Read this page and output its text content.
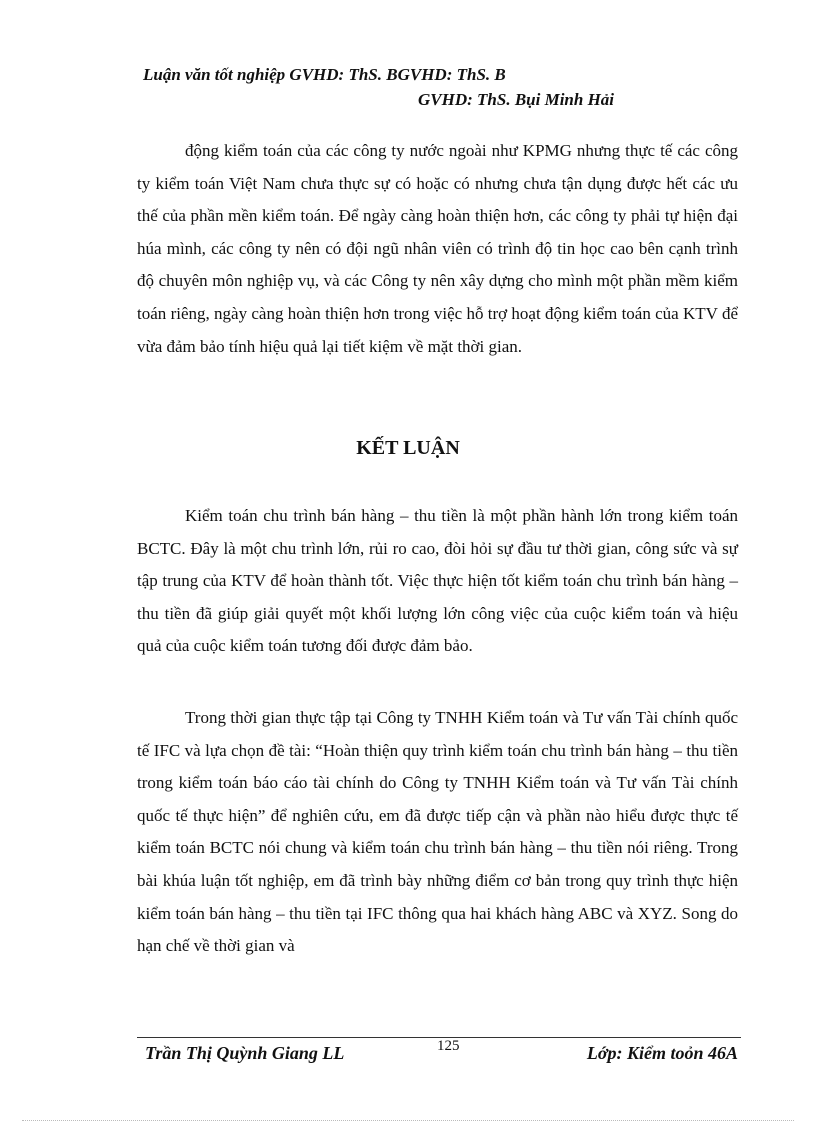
Luận văn tốt nghiệp GVHD: ThS. BGVHD: ThS. B
GVHD: ThS. Bụi Minh Hải

động kiểm toán của các công ty nước ngoài như KPMG nhưng thực tế các công ty kiểm toán Việt Nam chưa thực sự có hoặc có nhưng chưa tận dụng được hết các ưu thế của phần mền kiểm toán. Để ngày càng hoàn thiện hơn, các công ty phải tự hiện đại húa mình, các công ty nên có đội ngũ nhân viên có trình độ tin học cao bên cạnh trình độ chuyên môn nghiệp vụ, và các Công ty nên xây dựng cho mình một phần mềm kiểm toán riêng, ngày càng hoàn thiện hơn trong việc hỗ trợ hoạt động kiểm toán của KTV để vừa đảm bảo tính hiệu quả lại tiết kiệm về mặt thời gian.

KẾT LUẬN

Kiểm toán chu trình bán hàng – thu tiền là một phần hành lớn trong kiểm toán BCTC. Đây là một chu trình lớn, rủi ro cao, đòi hỏi sự đầu tư thời gian, công sức và sự tập trung của KTV để hoàn thành tốt. Việc thực hiện tốt kiểm toán chu trình bán hàng – thu tiền đã giúp giải quyết một khối lượng lớn công việc của cuộc kiểm toán và hiệu quả của cuộc kiểm toán tương đối được đảm bảo.

Trong thời gian thực tập tại Công ty TNHH Kiểm toán và Tư vấn Tài chính quốc tế IFC và lựa chọn đề tài: “Hoàn thiện quy trình kiểm toán chu trình bán hàng – thu tiền trong kiểm toán báo cáo tài chính do Công ty TNHH Kiểm toán và Tư vấn Tài chính quốc tế thực hiện” để nghiên cứu, em đã được tiếp cận và phần nào hiểu được thực tế kiểm toán BCTC nói chung và kiểm toán chu trình bán hàng – thu tiền nói riêng. Trong bài khúa luận tốt nghiệp, em đã trình bày những điểm cơ bản trong quy trình thực hiện kiểm toán bán hàng – thu tiền tại IFC thông qua hai khách hàng ABC và XYZ. Song do hạn chế về thời gian và

Trần Thị Quỳnh Giang LL	125	Lớp: Kiểm toỏn 46A
